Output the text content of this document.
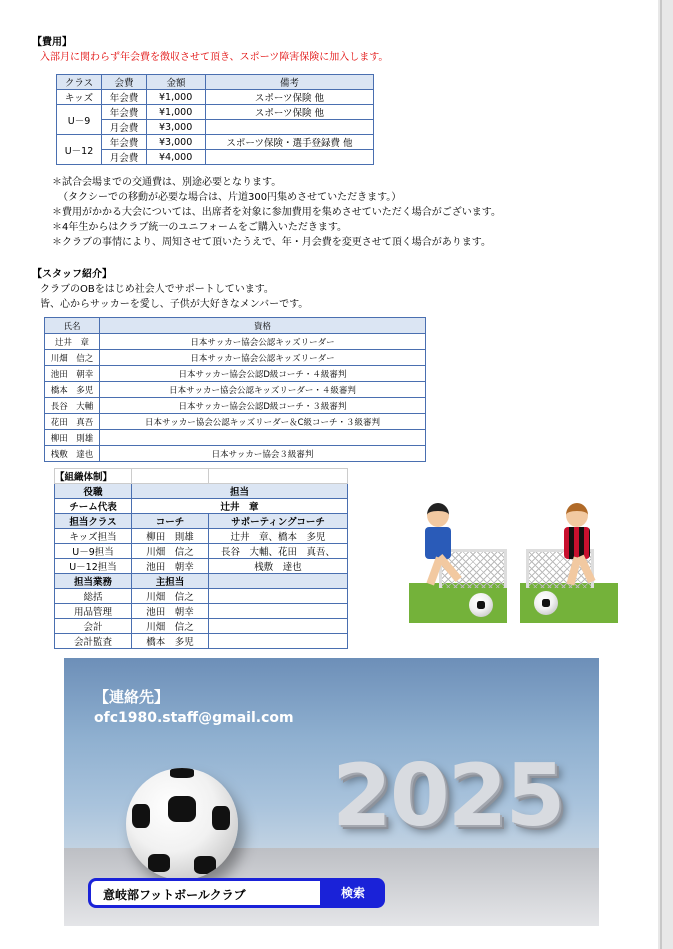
【費用】
入部月に関わらず年会費を徴収させて頂き、スポーツ障害保険に加入します。
クラス	会費	金額	備考
キッズ	年会費	¥1,000	スポーツ保険 他
U－9	年会費	¥1,000	スポーツ保険 他
	月会費	¥3,000	
U－12	年会費	¥3,000	スポーツ保険・選手登録費 他
	月会費	¥4,000	
＊試合会場までの交通費は、別途必要となります。
（タクシーでの移動が必要な場合は、片道300円集めさせていただきます。）
＊費用がかかる大会については、出席者を対象に参加費用を集めさせていただく場合がございます。
＊4年生からはクラブ統一のユニフォームをご購入いただきます。
＊クラブの事情により、周知させて頂いたうえで、年・月会費を変更させて頂く場合があります。
【スタッフ紹介】
クラブのOBをはじめ社会人でサポートしています。
皆、心からサッカーを愛し、子供が大好きなメンバーです。
氏名	資格
辻井　章	日本サッカー協会公認キッズリーダー
川畑　信之	日本サッカー協会公認キッズリーダー
池田　朝幸	日本サッカー協会公認D級コーチ・４級審判
橋本　多児	日本サッカー協会公認キッズリーダー・４級審判
長谷　大輔	日本サッカー協会公認D級コーチ・３級審判
花田　真吾	日本サッカー協会公認キッズリーダー＆C級コーチ・３級審判
柳田　則雄	
桟敷　達也	日本サッカー協会３級審判
【組織体制】		
役職	担当	
チーム代表	辻井　章	
担当クラス	コーチ	サポーティングコーチ
キッズ担当	柳田　則雄	辻井　章、橋本　多児
U－9担当	川畑　信之	長谷　大輔、花田　真吾、
U－12担当	池田　朝幸	桟敷　達也
担当業務	主担当	
総括	川畑　信之	
用品管理	池田　朝幸	
会計	川畑　信之	
会計監査	橋本　多児	
【連絡先】
ofc1980.staff@gmail.com
2025
意岐部フットボールクラブ	検索
